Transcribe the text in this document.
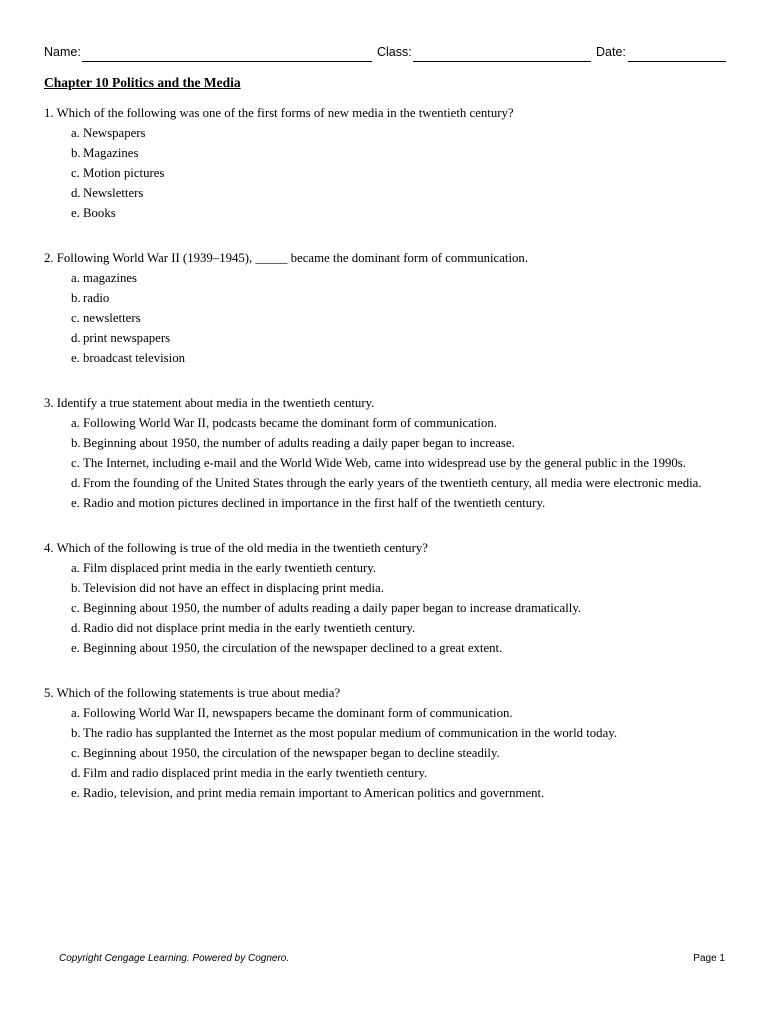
Name:	Class:	Date:
Chapter 10 Politics and the Media
1. Which of the following was one of the first forms of new media in the twentieth century?
a. Newspapers
b. Magazines
c. Motion pictures
d. Newsletters
e. Books
2. Following World War II (1939–1945), _____ became the dominant form of communication.
a. magazines
b. radio
c. newsletters
d. print newspapers
e. broadcast television
3. Identify a true statement about media in the twentieth century.
a. Following World War II, podcasts became the dominant form of communication.
b. Beginning about 1950, the number of adults reading a daily paper began to increase.
c. The Internet, including e-mail and the World Wide Web, came into widespread use by the general public in the 1990s.
d. From the founding of the United States through the early years of the twentieth century, all media were electronic media.
e. Radio and motion pictures declined in importance in the first half of the twentieth century.
4. Which of the following is true of the old media in the twentieth century?
a. Film displaced print media in the early twentieth century.
b. Television did not have an effect in displacing print media.
c. Beginning about 1950, the number of adults reading a daily paper began to increase dramatically.
d. Radio did not displace print media in the early twentieth century.
e. Beginning about 1950, the circulation of the newspaper declined to a great extent.
5. Which of the following statements is true about media?
a. Following World War II, newspapers became the dominant form of communication.
b. The radio has supplanted the Internet as the most popular medium of communication in the world today.
c. Beginning about 1950, the circulation of the newspaper began to decline steadily.
d. Film and radio displaced print media in the early twentieth century.
e. Radio, television, and print media remain important to American politics and government.
Copyright Cengage Learning. Powered by Cognero.	Page 1
